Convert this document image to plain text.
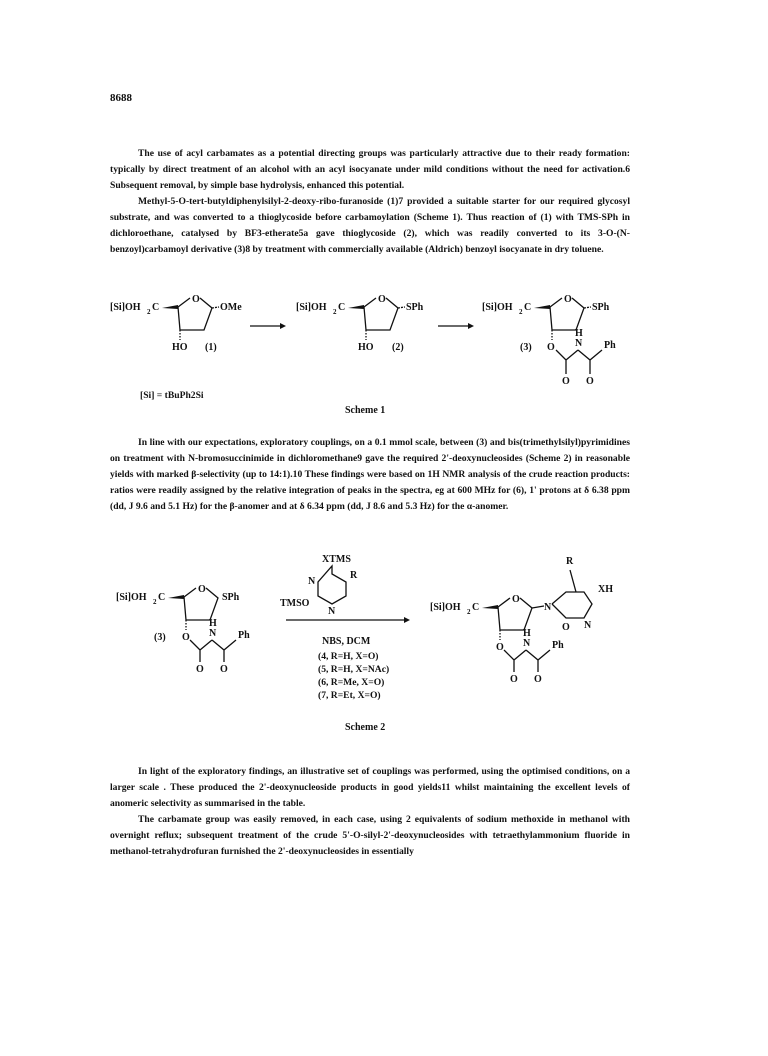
8688

The use of acyl carbamates as a potential directing groups was particularly attractive due to their ready formation: typically by direct treatment of an alcohol with an acyl isocyanate under mild conditions without the need for activation.6 Subsequent removal, by simple base hydrolysis, enhanced this potential.

Methyl-5-O-tert-butyldiphenylsilyl-2-deoxy-ribo-furanoside (1)7 provided a suitable starter for our required glycosyl substrate, and was converted to a thioglycoside before carbamoylation (Scheme 1). Thus reaction of (1) with TMS-SPh in dichloroethane, catalysed by BF3-etherate5a gave thioglycoside (2), which was readily converted to its 3-O-(N-benzoyl)carbamoyl derivative (3)8 by treatment with commercially available (Aldrich) benzoyl isocyanate in dry toluene.

[Si]OH 2 C
O
OMe
HO (1)
[Si]OH 2 C
O
SPh
HO (2)
[Si]OH 2 C
O
SPh
O
(3)	N
H
Ph
O O
[Si] = tBuPh2Si
Scheme 1

In line with our expectations, exploratory couplings, on a 0.1 mmol scale, between (3) and bis(trimethylsilyl)pyrimidines on treatment with N-bromosuccinimide in dichloromethane9 gave the required 2'-deoxynucleosides (Scheme 2) in reasonable yields with marked β-selectivity (up to 14:1).10 These findings were based on 1H NMR analysis of the crude reaction products: ratios were readily assigned by the relative integration of peaks in the spectra, eg at 600 MHz for (6), 1' protons at δ 6.38 ppm (dd, J 9.6 and 5.1 Hz) for the β-anomer and at δ 6.34 ppm (dd, J 8.6 and 5.3 Hz) for the α-anomer.

[Si]OH 2 C
O
SPh
O
(3)	N
H
Ph
O O
XTMS
R
N
N
TMSO
NBS, DCM
[Si]OH 2 C
O
N
R
XH
N
O
O N
H
Ph
O O
(4, R=H, X=O)
(5, R=H, X=NAc)
(6, R=Me, X=O)
(7, R=Et, X=O)
Scheme 2

In light of the exploratory findings, an illustrative set of couplings was performed, using the optimised conditions, on a larger scale . These produced the 2'-deoxynucleoside products in good yields11 whilst maintaining the excellent levels of anomeric selectivity as summarised in the table.

The carbamate group was easily removed, in each case, using 2 equivalents of sodium methoxide in methanol with overnight reflux; subsequent treatment of the crude 5'-O-silyl-2'-deoxynucleosides with tetraethylammonium fluoride in methanol-tetrahydrofuran furnished the 2'-deoxynucleosides in essentially
